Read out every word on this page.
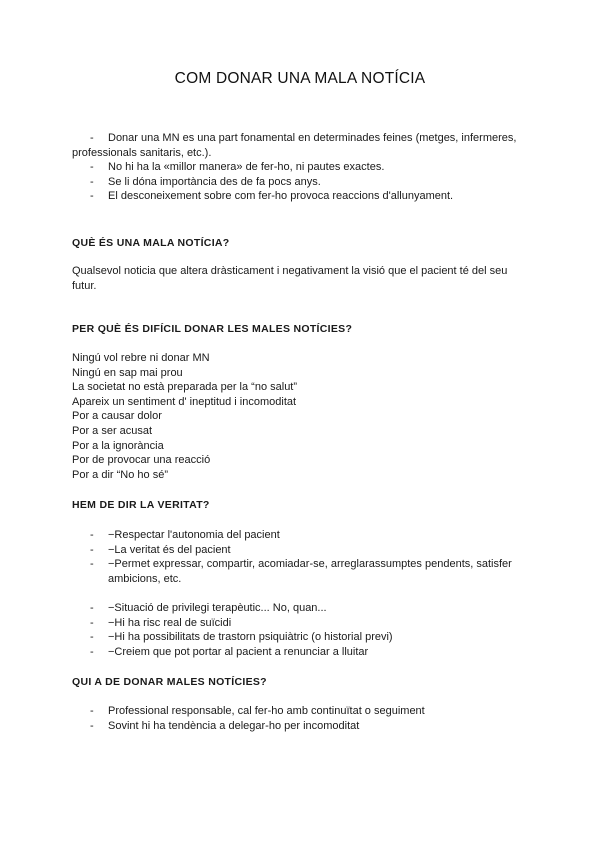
COM DONAR UNA MALA NOTÍCIA
- Donar una MN es una part fonamental en determinades feines (metges, infermeres,
professionals sanitaris, etc.).
- No hi ha la «millor manera» de fer-ho, ni pautes exactes.
- Se li dóna importància des de fa pocs anys.
- El desconeixement sobre com fer-ho provoca reaccions d'allunyament.
QUÈ ÉS UNA MALA NOTÍCIA?
Qualsevol noticia que altera dràsticament i negativament la visió que el pacient té del seu
futur.
PER QUÈ ÉS DIFÍCIL DONAR LES MALES NOTÍCIES?
Ningú vol rebre ni donar MN
Ningú en sap mai prou
La societat no està preparada per la “no salut”
Apareix un sentiment d' ineptitud i incomoditat
Por a causar dolor
Por a ser acusat
Por a la ignorància
Por de provocar una reacció
Por a dir “No ho sé”
HEM DE DIR LA VERITAT?
- −Respectar l'autonomia del pacient
- −La veritat és del pacient
- −Permet expressar, compartir, acomiadar-se, arreglarassumptes pendents, satisfer
ambicions, etc.
- −Situació de privilegi terapèutic... No, quan...
- −Hi ha risc real de suïcidi
- −Hi ha possibilitats de trastorn psiquiàtric (o historial previ)
- −Creiem que pot portar al pacient a renunciar a lluitar
QUI A DE DONAR MALES NOTÍCIES?
- Professional responsable, cal fer-ho amb continuïtat o seguiment
- Sovint hi ha tendència a delegar-ho per incomoditat
